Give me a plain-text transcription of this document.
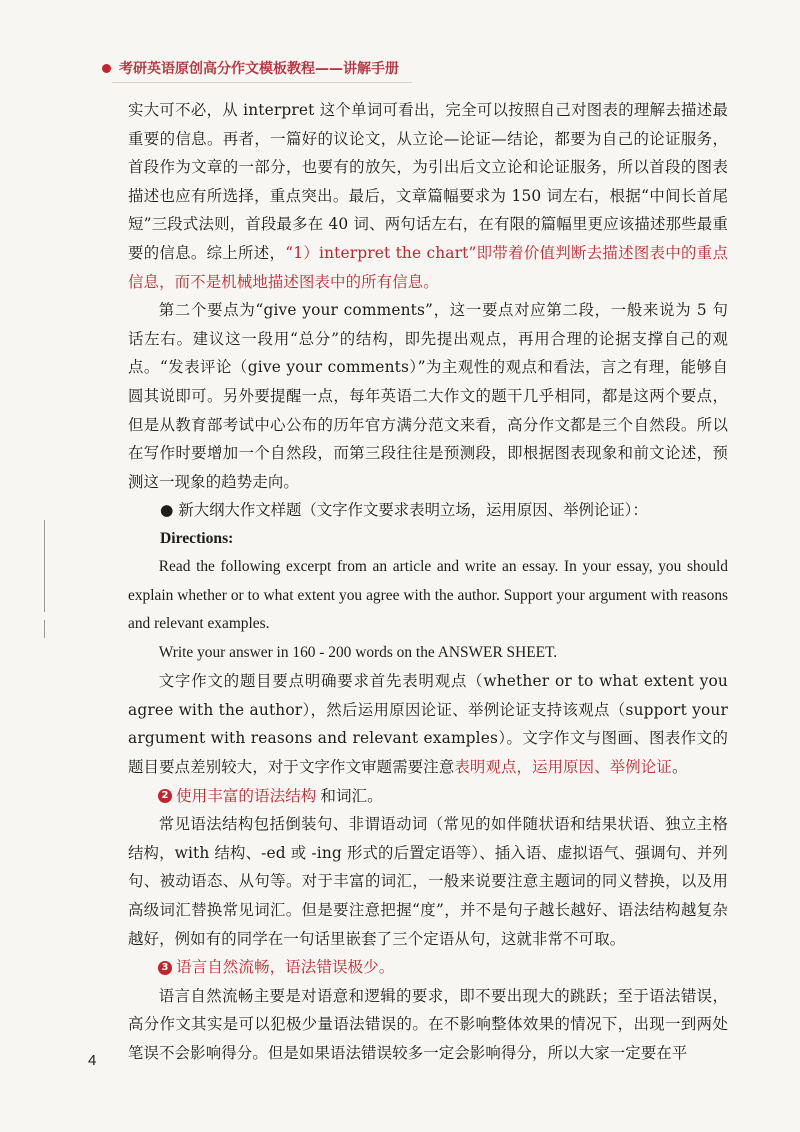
考研英语原创高分作文模板教程——讲解手册

实大可不必，从 interpret 这个单词可看出，完全可以按照自己对图表的理解去描述最重要的信息。再者，一篇好的议论文，从立论—论证—结论，都要为自己的论证服务，首段作为文章的一部分，也要有的放矢，为引出后文立论和论证服务，所以首段的图表描述也应有所选择，重点突出。最后，文章篇幅要求为 150 词左右，根据“中间长首尾短”三段式法则，首段最多在 40 词、两句话左右，在有限的篇幅里更应该描述那些最重要的信息。综上所述，“1）interpret the chart”即带着价值判断去描述图表中的重点信息，而不是机械地描述图表中的所有信息。

第二个要点为“give your comments”，这一要点对应第二段，一般来说为 5 句话左右。建议这一段用“总分”的结构，即先提出观点，再用合理的论据支撑自己的观点。“发表评论（give your comments）”为主观性的观点和看法，言之有理，能够自圆其说即可。另外要提醒一点，每年英语二大作文的题干几乎相同，都是这两个要点，但是从教育部考试中心公布的历年官方满分范文来看，高分作文都是三个自然段。所以在写作时要增加一个自然段，而第三段往往是预测段，即根据图表现象和前文论述，预测这一现象的趋势走向。

● 新大纲大作文样题（文字作文要求表明立场，运用原因、举例论证）：

Directions:

Read the following excerpt from an article and write an essay. In your essay, you should explain whether or to what extent you agree with the author. Support your argument with reasons and relevant examples.

Write your answer in 160 - 200 words on the ANSWER SHEET.

文字作文的题目要点明确要求首先表明观点（whether or to what extent you agree with the author），然后运用原因论证、举例论证支持该观点（support your argument with reasons and relevant examples）。文字作文与图画、图表作文的题目要点差别较大，对于文字作文审题需要注意表明观点，运用原因、举例论证。

2 使用丰富的语法结构 和词汇。

常见语法结构包括倒装句、非谓语动词（常见的如伴随状语和结果状语、独立主格结构，with 结构、-ed 或 -ing 形式的后置定语等）、插入语、虚拟语气、强调句、并列句、被动语态、从句等。对于丰富的词汇，一般来说要注意主题词的同义替换，以及用高级词汇替换常见词汇。但是要注意把握“度”，并不是句子越长越好、语法结构越复杂越好，例如有的同学在一句话里嵌套了三个定语从句，这就非常不可取。

3 语言自然流畅，语法错误极少。

语言自然流畅主要是对语意和逻辑的要求，即不要出现大的跳跃；至于语法错误，高分作文其实是可以犯极少量语法错误的。在不影响整体效果的情况下，出现一到两处笔误不会影响得分。但是如果语法错误较多一定会影响得分，所以大家一定要在平

4
